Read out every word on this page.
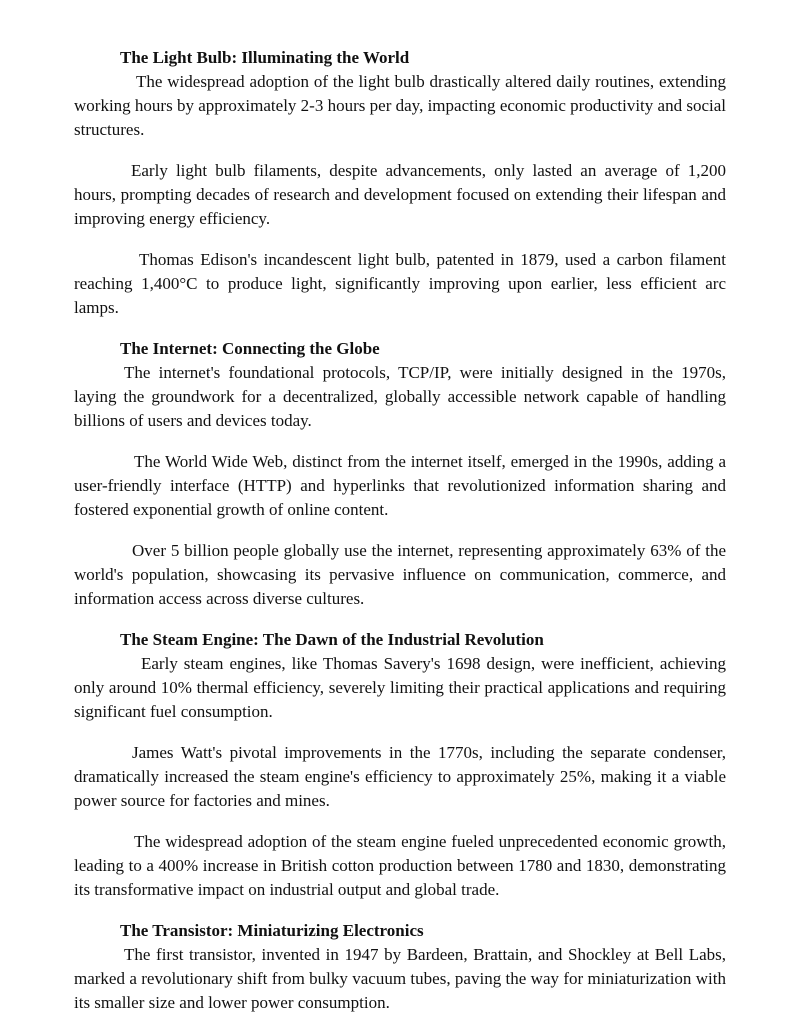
The Light Bulb: Illuminating the World

The widespread adoption of the light bulb drastically altered daily routines, extending working hours by approximately 2-3 hours per day, impacting economic productivity and social structures.

Early light bulb filaments, despite advancements, only lasted an average of 1,200 hours, prompting decades of research and development focused on extending their lifespan and improving energy efficiency.

Thomas Edison's incandescent light bulb, patented in 1879, used a carbon filament reaching 1,400°C to produce light, significantly improving upon earlier, less efficient arc lamps.

The Internet: Connecting the Globe

The internet's foundational protocols, TCP/IP, were initially designed in the 1970s, laying the groundwork for a decentralized, globally accessible network capable of handling billions of users and devices today.

The World Wide Web, distinct from the internet itself, emerged in the 1990s, adding a user-friendly interface (HTTP) and hyperlinks that revolutionized information sharing and fostered exponential growth of online content.

Over 5 billion people globally use the internet, representing approximately 63% of the world's population, showcasing its pervasive influence on communication, commerce, and information access across diverse cultures.

The Steam Engine: The Dawn of the Industrial Revolution

Early steam engines, like Thomas Savery's 1698 design, were inefficient, achieving only around 10% thermal efficiency, severely limiting their practical applications and requiring significant fuel consumption.

James Watt's pivotal improvements in the 1770s, including the separate condenser, dramatically increased the steam engine's efficiency to approximately 25%, making it a viable power source for factories and mines.

The widespread adoption of the steam engine fueled unprecedented economic growth, leading to a 400% increase in British cotton production between 1780 and 1830, demonstrating its transformative impact on industrial output and global trade.

The Transistor: Miniaturizing Electronics

The first transistor, invented in 1947 by Bardeen, Brattain, and Shockley at Bell Labs, marked a revolutionary shift from bulky vacuum tubes, paving the way for miniaturization with its smaller size and lower power consumption.
